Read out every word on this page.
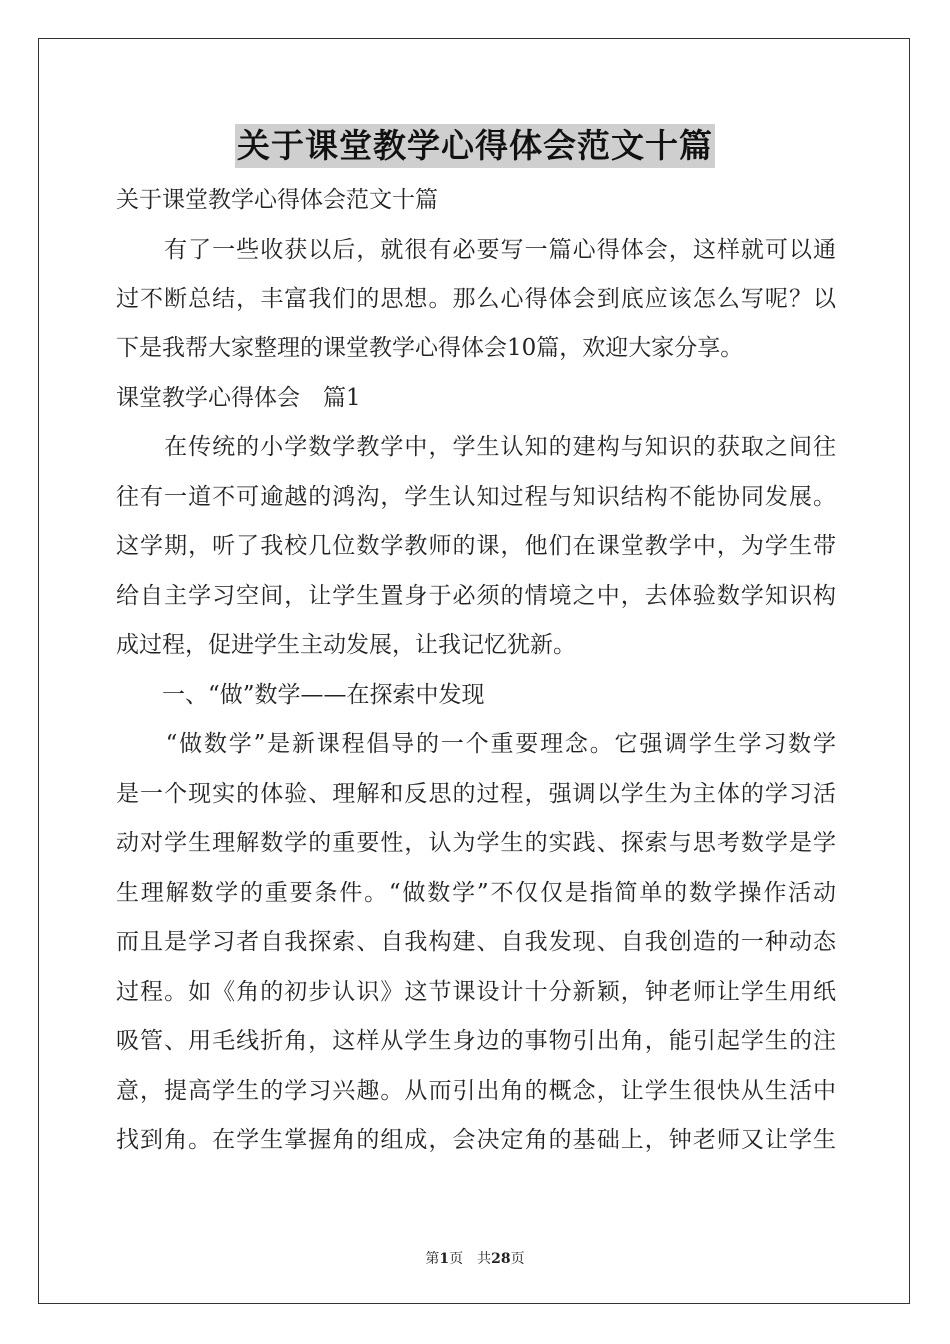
关于课堂教学心得体会范文十篇
关于课堂教学心得体会范文十篇
　　有了一些收获以后，就很有必要写一篇心得体会，这样就可以通
过不断总结，丰富我们的思想。那么心得体会到底应该怎么写呢？以
下是我帮大家整理的课堂教学心得体会10篇，欢迎大家分享。
课堂教学心得体会　篇1
　　在传统的小学数学教学中，学生认知的建构与知识的获取之间往
往有一道不可逾越的鸿沟，学生认知过程与知识结构不能协同发展。
这学期，听了我校几位数学教师的课，他们在课堂教学中，为学生带
给自主学习空间，让学生置身于必须的情境之中，去体验数学知识构
成过程，促进学生主动发展，让我记忆犹新。
　　一、“做”数学——在探索中发现
　　“做数学”是新课程倡导的一个重要理念。它强调学生学习数学
是一个现实的体验、理解和反思的过程，强调以学生为主体的学习活
动对学生理解数学的重要性，认为学生的实践、探索与思考数学是学
生理解数学的重要条件。“做数学”不仅仅是指简单的数学操作活动
而且是学习者自我探索、自我构建、自我发现、自我创造的一种动态
过程。如《角的初步认识》这节课设计十分新颖，钟老师让学生用纸
吸管、用毛线折角，这样从学生身边的事物引出角，能引起学生的注
意，提高学生的学习兴趣。从而引出角的概念，让学生很快从生活中
找到角。在学生掌握角的组成，会决定角的基础上，钟老师又让学生
第1页　共28页
